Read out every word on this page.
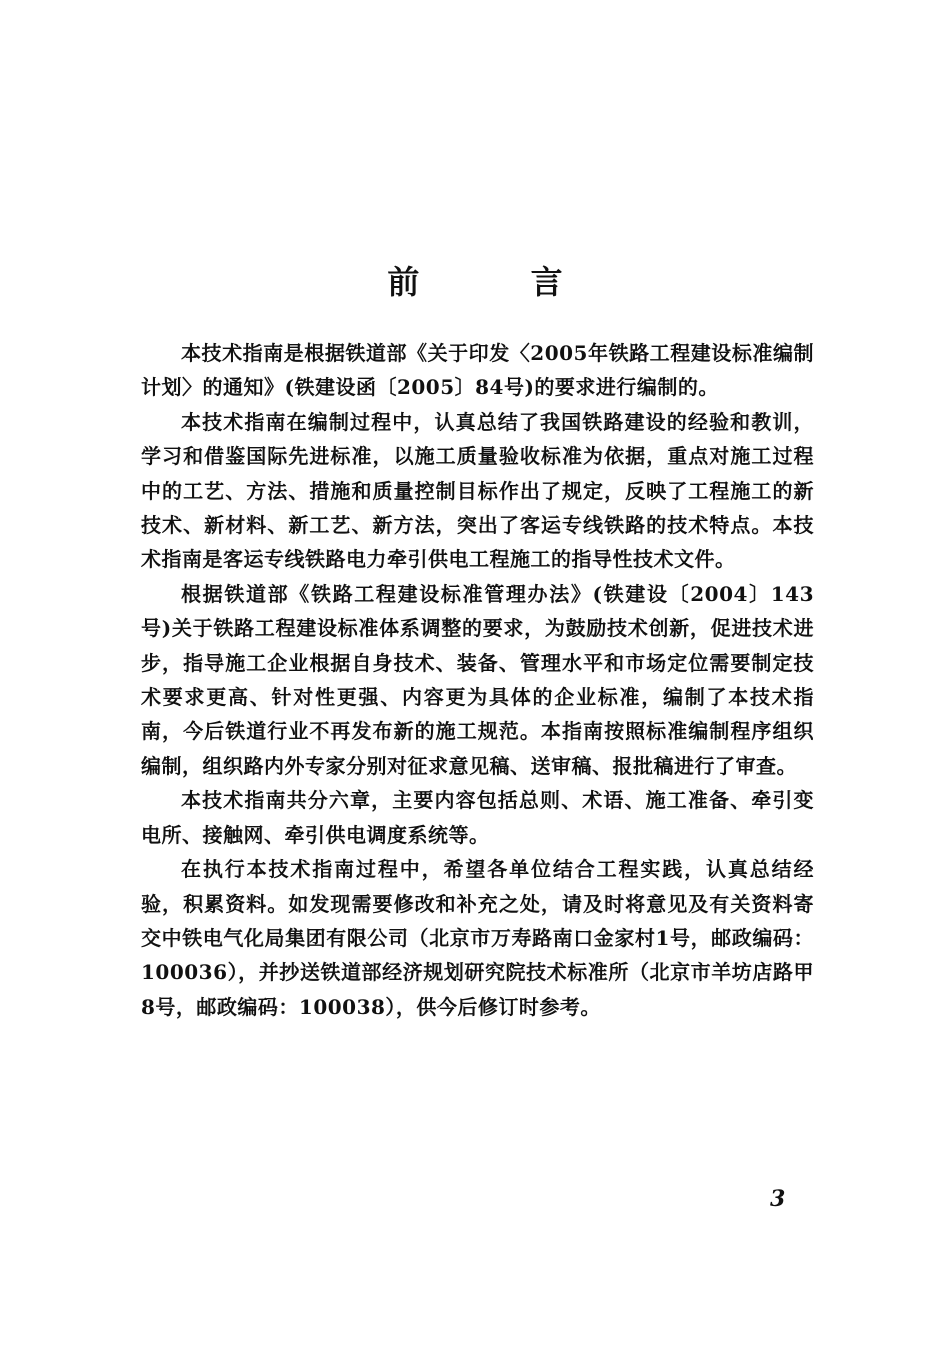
前 言

本技术指南是根据铁道部《关于印发〈2005年铁路工程建设标准编制计划〉的通知》(铁建设函〔2005〕84号)的要求进行编制的。

本技术指南在编制过程中，认真总结了我国铁路建设的经验和教训，学习和借鉴国际先进标准，以施工质量验收标准为依据，重点对施工过程中的工艺、方法、措施和质量控制目标作出了规定，反映了工程施工的新技术、新材料、新工艺、新方法，突出了客运专线铁路的技术特点。本技术指南是客运专线铁路电力牵引供电工程施工的指导性技术文件。

根据铁道部《铁路工程建设标准管理办法》(铁建设〔2004〕143号)关于铁路工程建设标准体系调整的要求，为鼓励技术创新，促进技术进步，指导施工企业根据自身技术、装备、管理水平和市场定位需要制定技术要求更高、针对性更强、内容更为具体的企业标准，编制了本技术指南，今后铁道行业不再发布新的施工规范。本指南按照标准编制程序组织编制，组织路内外专家分别对征求意见稿、送审稿、报批稿进行了审查。

本技术指南共分六章，主要内容包括总则、术语、施工准备、牵引变电所、接触网、牵引供电调度系统等。

在执行本技术指南过程中，希望各单位结合工程实践，认真总结经验，积累资料。如发现需要修改和补充之处，请及时将意见及有关资料寄交中铁电气化局集团有限公司（北京市万寿路南口金家村1号，邮政编码：100036），并抄送铁道部经济规划研究院技术标准所（北京市羊坊店路甲8号，邮政编码：100038），供今后修订时参考。

3
